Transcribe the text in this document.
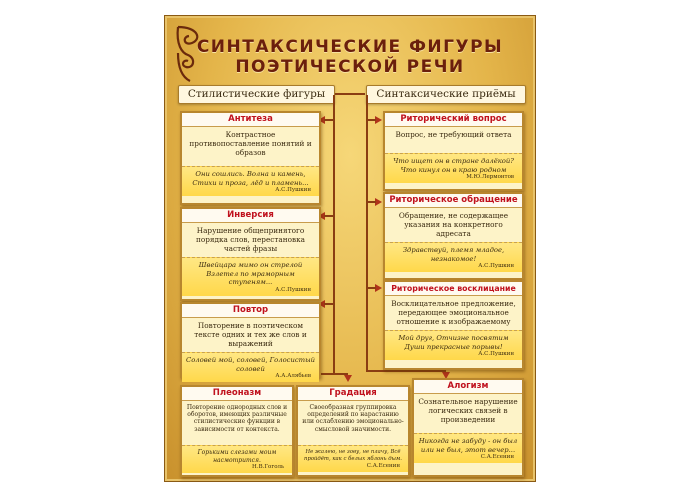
СИНТАКСИЧЕСКИЕ ФИГУРЫ
ПОЭТИЧЕСКОЙ РЕЧИ
Стилистические фигуры	Синтаксические приёмы
Антитеза
Контрастное противопоставление понятий и образов
Они сошлись. Волна и камень, Стихи и проза, лёд и пламень...
А.С.Пушкин
Инверсия
Нарушение общепринятого порядка слов, перестановка частей фразы
Швейцара мимо он стрелой Взлетел по мраморным ступеням...
А.С.Пушкин
Повтор
Повторение в поэтическом тексте одних и тех же слов и выражений
Соловей мой, соловей, Голосистый соловей
А.А.Алябьев
Риторический вопрос
Вопрос, не требующий ответа
Что ищет он в стране далёкой? Что кинул он в краю родном
М.Ю.Лермонтов
Риторическое обращение
Обращение, не содержащее указания на конкретного адресата
Здравствуй, племя младое, незнакомое!
А.С.Пушкин
Риторическое восклицание
Восклицательное предложение, передающее эмоциональное отношение к изображаемому
Мой друг, Отчизне посвятим Души прекрасные порывы!
А.С.Пушкин
Плеоназм
Повторение однородных слов и оборотов, имеющих различные стилистические функции в зависимости от контекста.
Горькими слезами моим насмотрится.
Н.В.Гоголь
Градация
Своеобразная группировка определений по нарастанию или ослаблению эмоционально-смысловой значимости.
Не жалею, не зову, не плачу, Всё пройдёт, как с белых яблонь дым.
С.А.Есенин
Алогизм
Сознательное нарушение логических связей в произведении
Никогда не забуду - он был или не был, этот вечер...
С.А.Есенин
